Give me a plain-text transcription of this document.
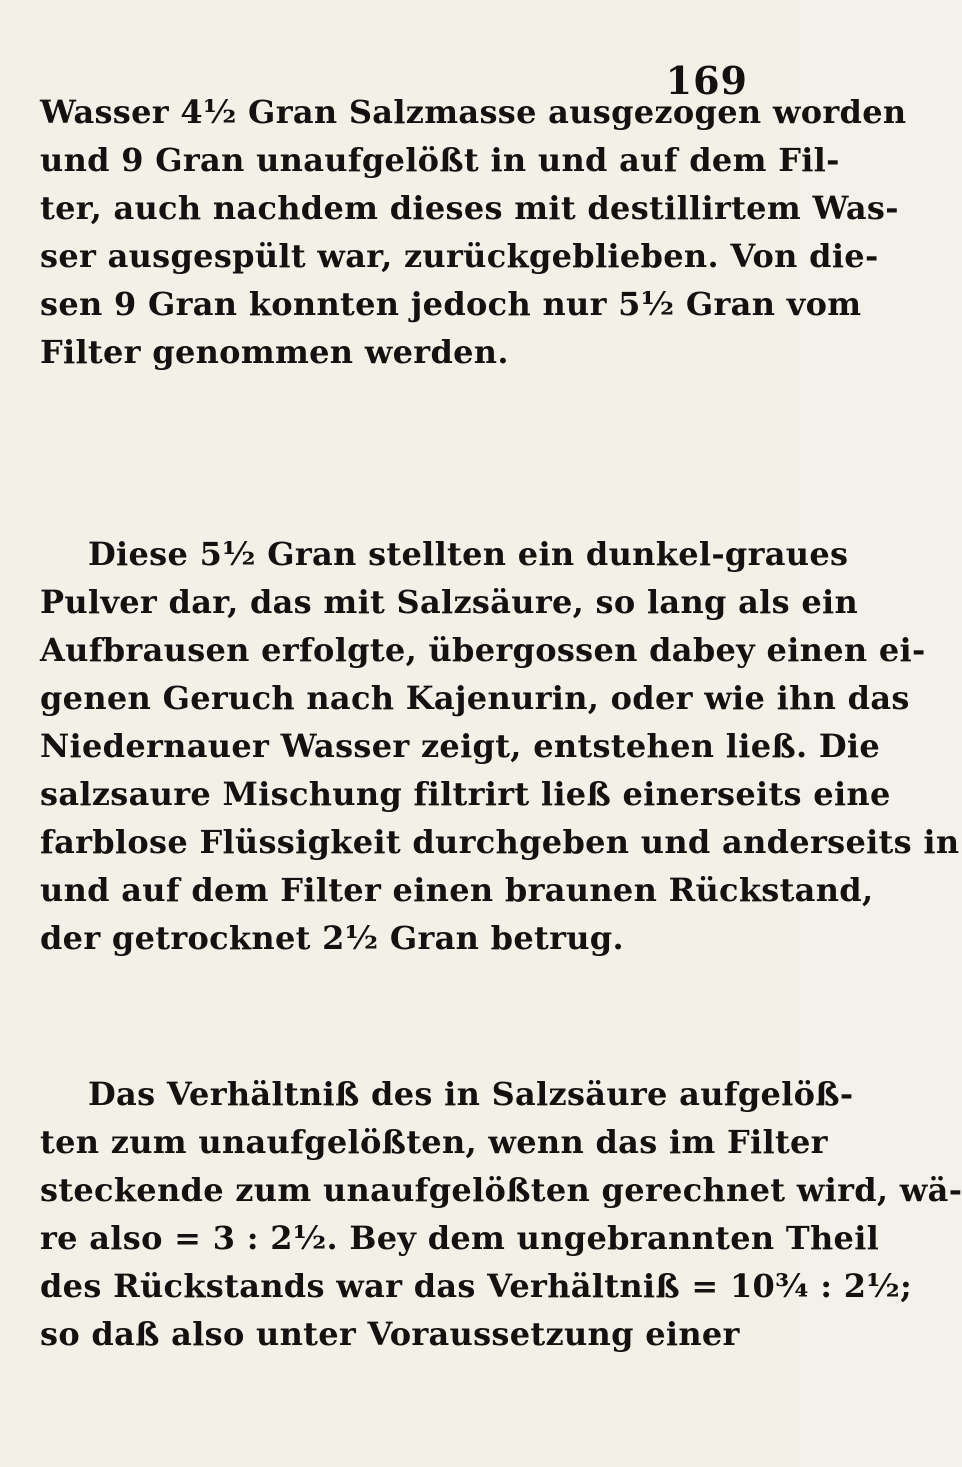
169
Wasser 4½ Gran Salzmasse ausgezogen worden
und 9 Gran unaufgelößt in und auf dem Fil-
ter, auch nachdem dieses mit destillirtem Was-
ser ausgespült war, zurückgeblieben. Von die-
sen 9 Gran konnten jedoch nur 5½ Gran vom
Filter genommen werden.
Diese 5½ Gran stellten ein dunkel-graues
Pulver dar, das mit Salzsäure, so lang als ein
Aufbrausen erfolgte, übergossen dabey einen ei-
genen Geruch nach Kajenurin, oder wie ihn das
Niedernauer Wasser zeigt, entstehen ließ. Die
salzsaure Mischung filtrirt ließ einerseits eine
farblose Flüssigkeit durchgeben und anderseits in
und auf dem Filter einen braunen Rückstand,
der getrocknet 2½ Gran betrug.
Das Verhältniß des in Salzsäure aufgelöß-
ten zum unaufgelößten, wenn das im Filter
steckende zum unaufgelößten gerechnet wird, wä-
re also = 3 : 2½. Bey dem ungebrannten Theil
des Rückstands war das Verhältniß = 10¾ : 2½;
so daß also unter Voraussetzung einer
